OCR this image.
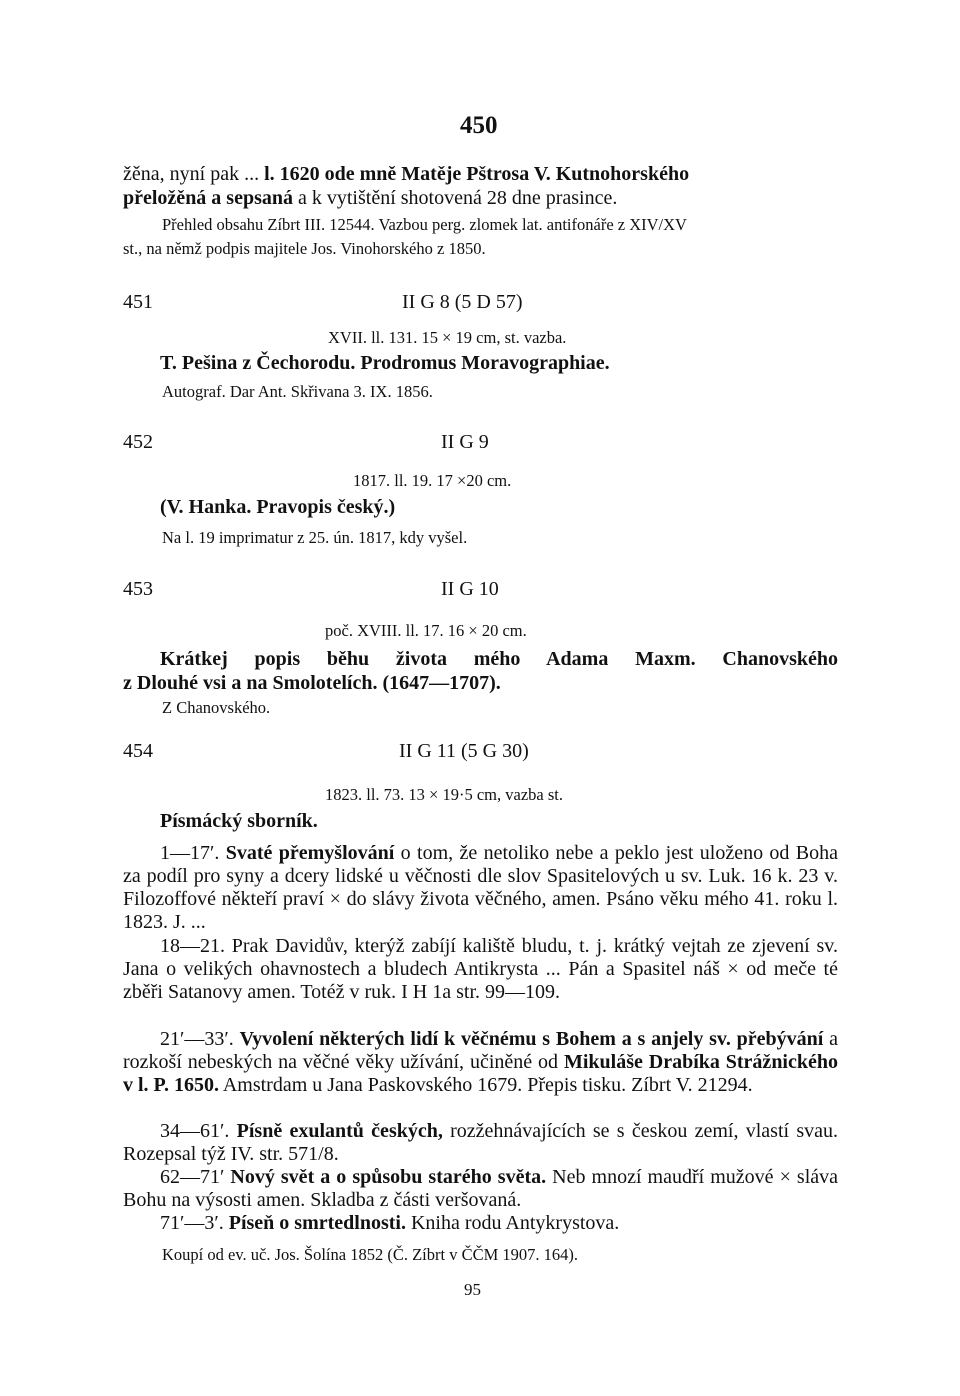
450
žěna, nyní pak ... l. 1620 ode mně Matěje Pštrosa V. Kutnohorského
přeložěná a sepsaná a k vytištění shotovená 28 dne prasince.
Přehled obsahu Zíbrt III. 12544. Vazbou perg. zlomek lat. antifonáře z XIV/XV
st., na němž podpis majitele Jos. Vinohorského z 1850.
451	II G 8 (5 D 57)
XVII. ll. 131. 15 × 19 cm, st. vazba.
T. Pešina z Čechorodu. Prodromus Moravographiae.
Autograf. Dar Ant. Skřivana 3. IX. 1856.
452	II G 9
1817. ll. 19. 17 ×20 cm.
(V. Hanka. Pravopis český.)
Na l. 19 imprimatur z 25. ún. 1817, kdy vyšel.
453	II G 10
poč. XVIII. ll. 17. 16 × 20 cm.
Krátkej popis běhu života mého Adama Maxm. Chanovského
z Dlouhé vsi a na Smolotelích. (1647—1707).
Z Chanovského.
454	II G 11 (5 G 30)
1823. ll. 73. 13 × 19·5 cm, vazba st.
Písmácký sborník.
1—17′. Svaté přemyšlování o tom, že netoliko nebe a peklo jest uloženo od Boha za podíl pro syny a dcery lidské u věčnosti dle slov Spasitelových u sv. Luk. 16 k. 23 v. Filozoffové někteří praví × do slávy života věčného, amen. Psáno věku mého 41. roku l. 1823. J. ...
18—21. Prak Davidův, kterýž zabíjí kaliště bludu, t. j. krátký vejtah ze zjevení sv. Jana o velikých ohavnostech a bludech Antikrysta ... Pán a Spasitel náš × od meče té zběři Satanovy amen. Totéž v ruk. I H 1a str. 99—109.
21′—33′. Vyvolení některých lidí k věčnému s Bohem a s anjely sv. přebývání a rozkoší nebeských na věčné věky užívání, učiněné od Mikuláše Drabíka Strážnického v l. P. 1650. Amstrdam u Jana Paskovského 1679. Přepis tisku. Zíbrt V. 21294.
34—61′. Písně exulantů českých, rozžehnávajících se s českou zemí, vlastí svau. Rozepsal týž IV. str. 571/8.
62—71′ Nový svět a o spůsobu starého světa. Neb mnozí maudří mužové × sláva Bohu na výsosti amen. Skladba z části veršovaná.
71′—3′. Píseň o smrtedlnosti. Kniha rodu Antykrystova.
Koupí od ev. uč. Jos. Šolína 1852 (Č. Zíbrt v ČČM 1907. 164).
95
